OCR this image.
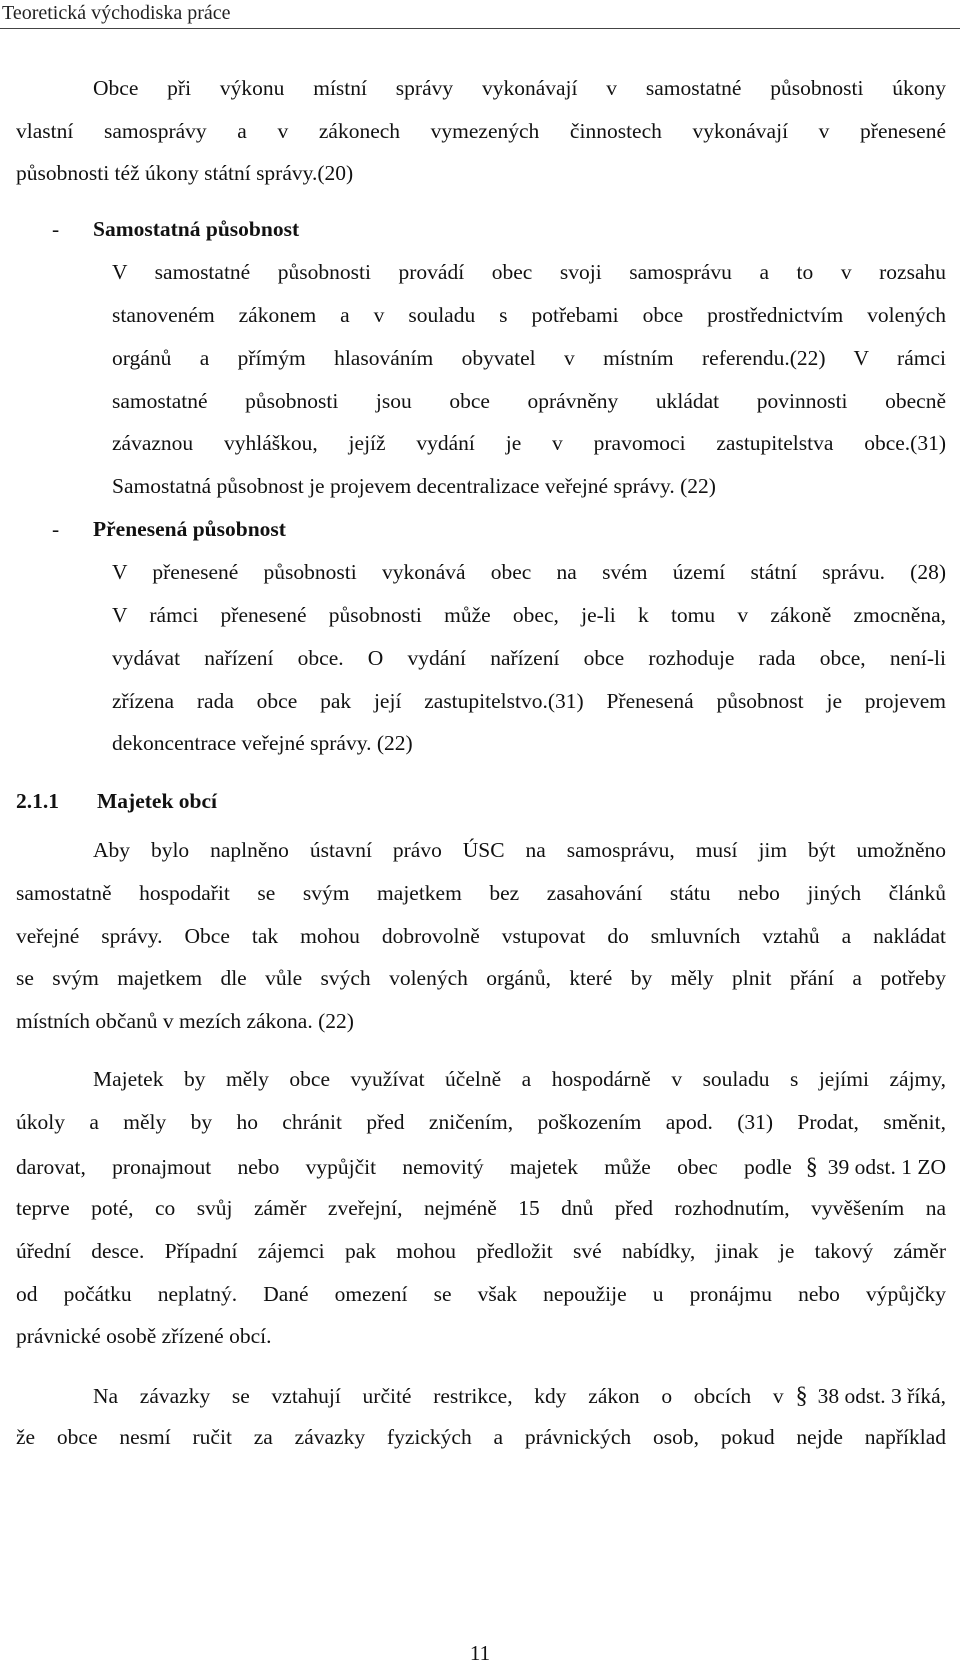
Teoretická východiska práce
Obce při výkonu místní správy vykonávají v samostatné působnosti úkony
vlastní samosprávy a v zákonech vymezených činnostech vykonávají v přenesené
působnosti též úkony státní správy.(20)
- Samostatná působnost
V samostatné působnosti provádí obec svoji samosprávu a to v rozsahu
stanoveném zákonem a v souladu s potřebami obce prostřednictvím volených
orgánů a přímým hlasováním obyvatel v místním referendu.(22) V rámci
samostatné působnosti jsou obce oprávněny ukládat povinnosti obecně
závaznou vyhláškou, jejíž vydání je v pravomoci zastupitelstva obce.(31)
Samostatná působnost je projevem decentralizace veřejné správy. (22)
- Přenesená působnost
V přenesené působnosti vykonává obec na svém území státní správu. (28)
V rámci přenesené působnosti může obec, je-li k tomu v zákoně zmocněna,
vydávat nařízení obce. O vydání nařízení obce rozhoduje rada obce, není-li
zřízena rada obce pak její zastupitelstvo.(31) Přenesená působnost je projevem
dekoncentrace veřejné správy. (22)
2.1.1 Majetek obcí
Aby bylo naplněno ústavní právo ÚSC na samosprávu, musí jim být umožněno
samostatně hospodařit se svým majetkem bez zasahování státu nebo jiných článků
veřejné správy. Obce tak mohou dobrovolně vstupovat do smluvních vztahů a nakládat
se svým majetkem dle vůle svých volených orgánů, které by měly plnit přání a potřeby
místních občanů v mezích zákona. (22)
Majetek by měly obce využívat účelně a hospodárně v souladu s jejími zájmy,
úkoly a měly by ho chránit před zničením, poškozením apod. (31) Prodat, směnit,
darovat, pronajmout nebo vypůjčit nemovitý majetek může obec podle § 39 odst. 1 ZO
teprve poté, co svůj záměr zveřejní, nejméně 15 dnů před rozhodnutím, vyvěšením na
úřední desce. Případní zájemci pak mohou předložit své nabídky, jinak je takový záměr
od počátku neplatný. Dané omezení se však nepoužije u pronájmu nebo výpůjčky
právnické osobě zřízené obcí.
Na závazky se vztahují určité restrikce, kdy zákon o obcích v § 38 odst. 3 říká,
že obce nesmí ručit za závazky fyzických a právnických osob, pokud nejde například
11
